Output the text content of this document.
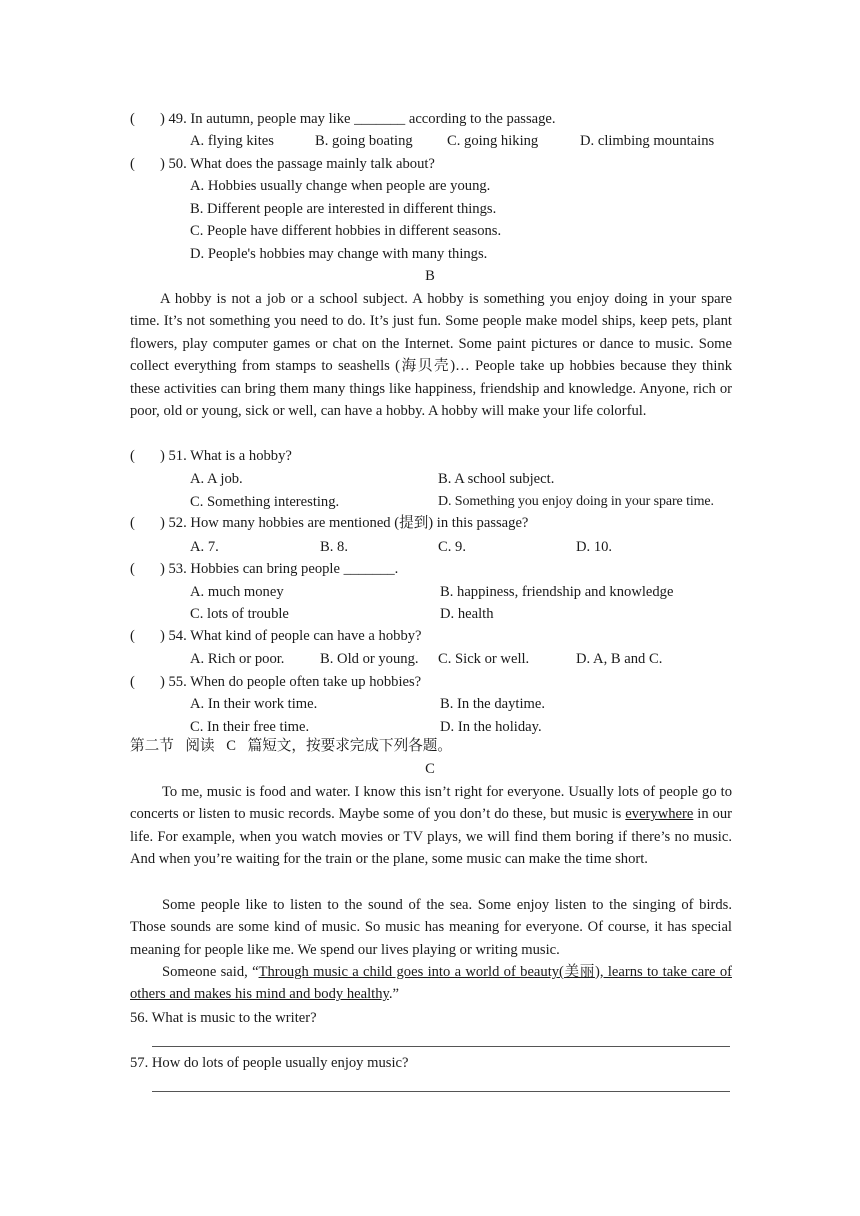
( ) 49. In autumn, people may like _______ according to the passage.
A. flying kites	B. going boating C. going hiking	D. climbing mountains
( ) 50. What does the passage mainly talk about?
A. Hobbies usually change when people are young.
B. Different people are interested in different things.
C. People have different hobbies in different seasons.
D. People's hobbies may change with many things.
B
A hobby is not a job or a school subject. A hobby is something you enjoy doing in your spare time. It’s not something you need to do. It’s just fun. Some people make model ships, keep pets, plant flowers, play computer games or chat on the Internet. Some paint pictures or dance to music. Some collect everything from stamps to seashells (海贝壳)… People take up hobbies because they think these activities can bring them many things like happiness, friendship and knowledge. Anyone, rich or poor, old or young, sick or well, can have a hobby. A hobby will make your life colorful.
( ) 51. What is a hobby?
A. A job.	B. A school subject.
C. Something interesting.	D. Something you enjoy doing in your spare time.
( ) 52. How many hobbies are mentioned (提到) in this passage?
A. 7.	B. 8.	C. 9.	D. 10.
( ) 53. Hobbies can bring people _______.
A. much money	B. happiness, friendship and knowledge
C. lots of trouble	D. health
( ) 54. What kind of people can have a hobby?
A. Rich or poor. B. Old or young. C. Sick or well.	D. A, B and C.
( ) 55. When do people often take up hobbies?
A. In their work time.	B. In the daytime.
C. In their free time.	D. In the holiday.
第二节 阅读 C 篇短文，按要求完成下列各题。
C
To me, music is food and water. I know this isn’t right for everyone. Usually lots of people go to concerts or listen to music records. Maybe some of you don’t do these, but music is everywhere in our life. For example, when you watch movies or TV plays, we will find them boring if there’s no music. And when you’re waiting for the train or the plane, some music can make the time short.
Some people like to listen to the sound of the sea. Some enjoy listen to the singing of birds. Those sounds are some kind of music. So music has meaning for everyone. Of course, it has special meaning for people like me. We spend our lives playing or writing music.
Someone said, “Through music a child goes into a world of beauty(美丽), learns to take care of others and makes his mind and body healthy.”
56. What is music to the writer?
57. How do lots of people usually enjoy music?
